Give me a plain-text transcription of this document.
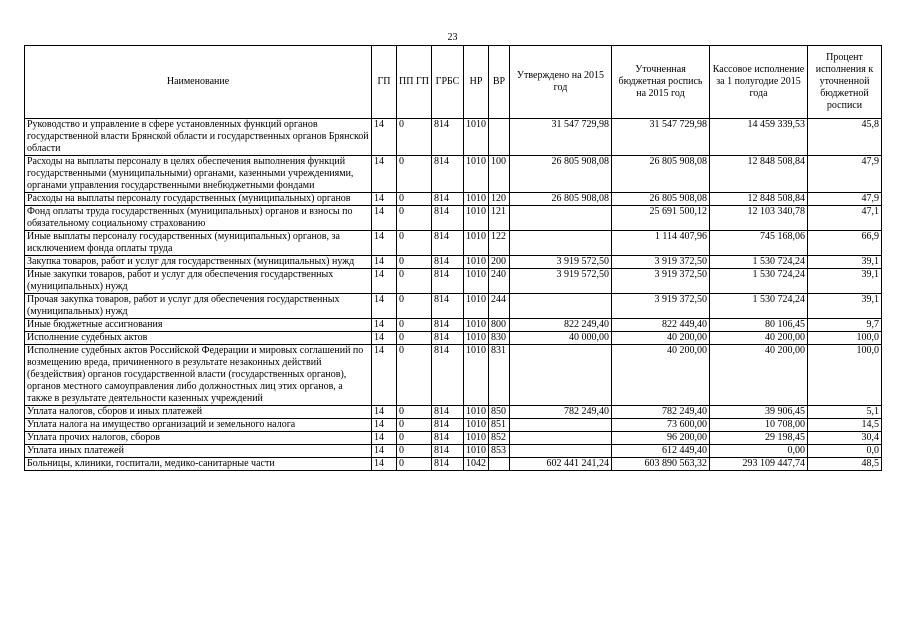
23
Наименование	ГП	ПП ГП	ГРБС	НР	ВР	Утверждено на 2015 год	Уточненная бюджетная роспись на 2015 год	Кассовое исполнение за 1 полугодие 2015 года	Процент исполнения к уточненной бюджетной росписи
Руководство и управление в сфере установленных функций органов государственной власти Брянской области и государственных органов Брянской области	14	0	814	1010		31 547 729,98	31 547 729,98	14 459 339,53	45,8
Расходы на выплаты персоналу в целях обеспечения выполнения функций государственными (муниципальными) органами, казенными учреждениями, органами управления государственными внебюджетными фондами	14	0	814	1010	100	26 805 908,08	26 805 908,08	12 848 508,84	47,9
Расходы на выплаты персоналу государственных (муниципальных) органов	14	0	814	1010	120	26 805 908,08	26 805 908,08	12 848 508,84	47,9
Фонд оплаты труда государственных (муниципальных) органов и взносы по обязательному социальному страхованию	14	0	814	1010	121		25 691 500,12	12 103 340,78	47,1
Иные выплаты персоналу государственных (муниципальных) органов, за исключением фонда оплаты труда	14	0	814	1010	122		1 114 407,96	745 168,06	66,9
Закупка товаров, работ и услуг для государственных (муниципальных) нужд	14	0	814	1010	200	3 919 572,50	3 919 372,50	1 530 724,24	39,1
Иные закупки товаров, работ и услуг для обеспечения государственных (муниципальных) нужд	14	0	814	1010	240	3 919 572,50	3 919 372,50	1 530 724,24	39,1
Прочая закупка товаров, работ и услуг для обеспечения государственных (муниципальных) нужд	14	0	814	1010	244		3 919 372,50	1 530 724,24	39,1
Иные бюджетные ассигнования	14	0	814	1010	800	822 249,40	822 449,40	80 106,45	9,7
Исполнение судебных актов	14	0	814	1010	830	40 000,00	40 200,00	40 200,00	100,0
Исполнение судебных актов Российской Федерации и мировых соглашений по возмещению вреда, причиненного в результате незаконных действий (бездействия) органов государственной власти (государственных органов), органов местного самоуправления либо должностных лиц этих органов, а также в результате деятельности казенных учреждений	14	0	814	1010	831		40 200,00	40 200,00	100,0
Уплата налогов, сборов и иных платежей	14	0	814	1010	850	782 249,40	782 249,40	39 906,45	5,1
Уплата налога на имущество организаций и земельного налога	14	0	814	1010	851		73 600,00	10 708,00	14,5
Уплата прочих налогов, сборов	14	0	814	1010	852		96 200,00	29 198,45	30,4
Уплата иных платежей	14	0	814	1010	853		612 449,40	0,00	0,0
Больницы, клиники, госпитали, медико-санитарные части	14	0	814	1042		602 441 241,24	603 890 563,32	293 109 447,74	48,5
